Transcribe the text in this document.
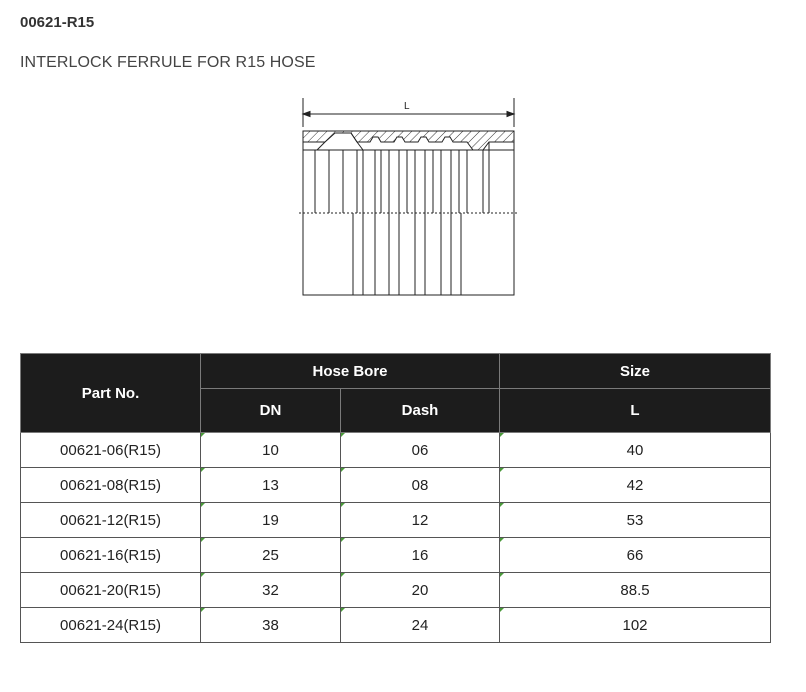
00621-R15
INTERLOCK FERRULE FOR R15 HOSE
L
Part No.	Hose Bore		Size
	DN	Dash	L
00621-06(R15)	10	06	40
00621-08(R15)	13	08	42
00621-12(R15)	19	12	53
00621-16(R15)	25	16	66
00621-20(R15)	32	20	88.5
00621-24(R15)	38	24	102
